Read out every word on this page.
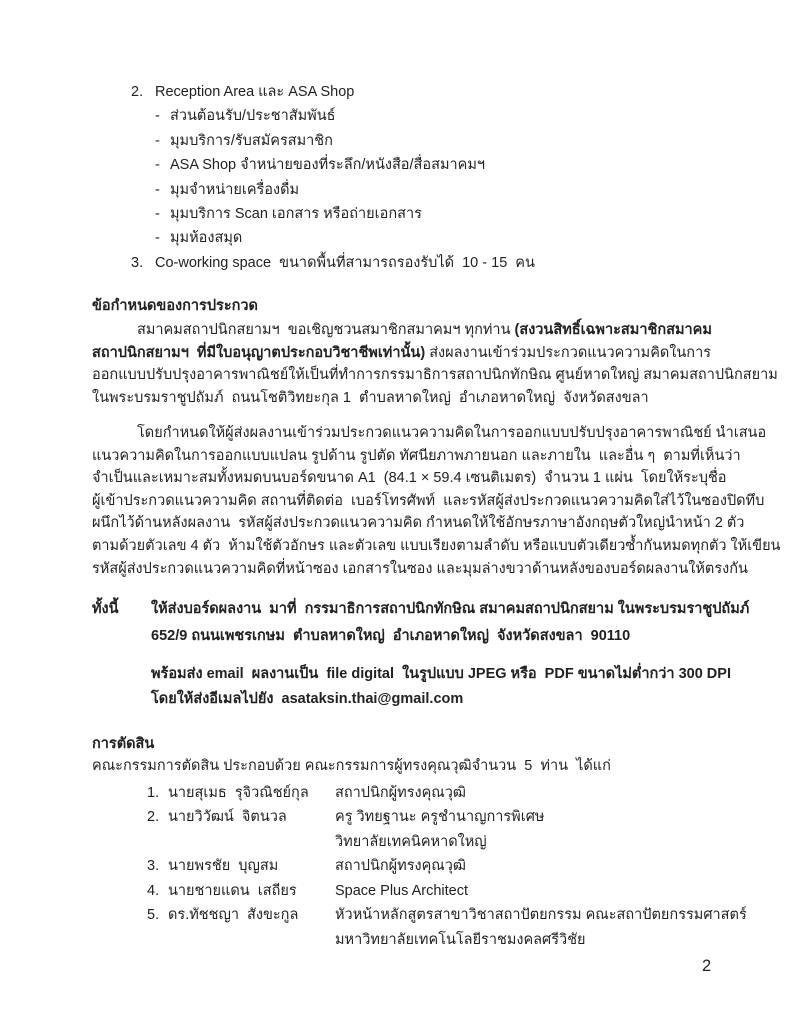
2. Reception Area และ ASA Shop
- ส่วนต้อนรับ/ประชาสัมพันธ์
- มุมบริการ/รับสมัครสมาชิก
- ASA Shop จำหน่ายของที่ระลึก/หนังสือ/สื่อสมาคมฯ
- มุมจำหน่ายเครื่องดื่ม
- มุมบริการ Scan เอกสาร หรือถ่ายเอกสาร
- มุมห้องสมุด
3. Co-working space  ขนาดพื้นที่สามารถรองรับได้  10 - 15  คน
ข้อกำหนดของการประกวด
สมาคมสถาปนิกสยามฯ  ขอเชิญชวนสมาชิกสมาคมฯ ทุกท่าน (สงวนสิทธิ์เฉพาะสมาชิกสมาคม
สถาปนิกสยามฯ  ที่มีใบอนุญาตประกอบวิชาชีพเท่านั้น) ส่งผลงานเข้าร่วมประกวดแนวความคิดในการ
ออกแบบปรับปรุงอาคารพาณิชย์ให้เป็นที่ทำการกรรมาธิการสถาปนิกทักษิณ ศูนย์หาดใหญ่ สมาคมสถาปนิกสยาม
ในพระบรมราชูปถัมภ์  ถนนโชติวิทยะกุล 1  ตำบลหาดใหญ่  อำเภอหาดใหญ่  จังหวัดสงขลา
โดยกำหนดให้ผู้ส่งผลงานเข้าร่วมประกวดแนวความคิดในการออกแบบปรับปรุงอาคารพาณิชย์ นำเสนอ
แนวความคิดในการออกแบบแปลน รูปด้าน รูปตัด ทัศนียภาพภายนอก และภายใน  และอื่น ๆ  ตามที่เห็นว่า
จำเป็นและเหมาะสมทั้งหมดบนบอร์ดขนาด A1  (84.1 × 59.4 เซนติเมตร)  จำนวน 1 แผ่น  โดยให้ระบุชื่อ
ผู้เข้าประกวดแนวความคิด สถานที่ติดต่อ  เบอร์โทรศัพท์  และรหัสผู้ส่งประกวดแนวความคิดใส่ไว้ในซองปิดทึบ
ผนึกไว้ด้านหลังผลงาน  รหัสผู้ส่งประกวดแนวความคิด กำหนดให้ใช้อักษรภาษาอังกฤษตัวใหญ่นำหน้า 2 ตัว
ตามด้วยตัวเลข 4 ตัว  ห้ามใช้ตัวอักษร และตัวเลข แบบเรียงตามลำดับ หรือแบบตัวเดียวซ้ำกันหมดทุกตัว ให้เขียน
รหัสผู้ส่งประกวดแนวความคิดที่หน้าซอง เอกสารในซอง และมุมล่างขวาด้านหลังของบอร์ดผลงานให้ตรงกัน
ทั้งนี้	ให้ส่งบอร์ดผลงาน  มาที่  กรรมาธิการสถาปนิกทักษิณ สมาคมสถาปนิกสยาม ในพระบรมราชูปถัมภ์
652/9 ถนนเพชรเกษม  ตำบลหาดใหญ่  อำเภอหาดใหญ่  จังหวัดสงขลา  90110
พร้อมส่ง email  ผลงานเป็น  file digital  ในรูปแบบ JPEG หรือ  PDF ขนาดไม่ต่ำกว่า 300 DPI
โดยให้ส่งอีเมลไปยัง  asataksin.thai@gmail.com
การตัดสิน
คณะกรรมการตัดสิน ประกอบด้วย คณะกรรมการผู้ทรงคุณวุฒิจำนวน  5  ท่าน  ได้แก่
1. นายสุเมธ  รุจิวณิชย์กุล	สถาปนิกผู้ทรงคุณวุฒิ
2. นายวิวัฒน์  จิตนวล	ครู วิทยฐานะ ครูชำนาญการพิเศษ
วิทยาลัยเทคนิคหาดใหญ่
3. นายพรชัย  บุญสม	สถาปนิกผู้ทรงคุณวุฒิ
4. นายชายแดน  เสถียร	Space Plus Architect
5. ดร.ทัชชญา  สังขะกูล	หัวหน้าหลักสูตรสาขาวิชาสถาปัตยกรรม คณะสถาปัตยกรรมศาสตร์
มหาวิทยาลัยเทคโนโลยีราชมงคลศรีวิชัย
2
